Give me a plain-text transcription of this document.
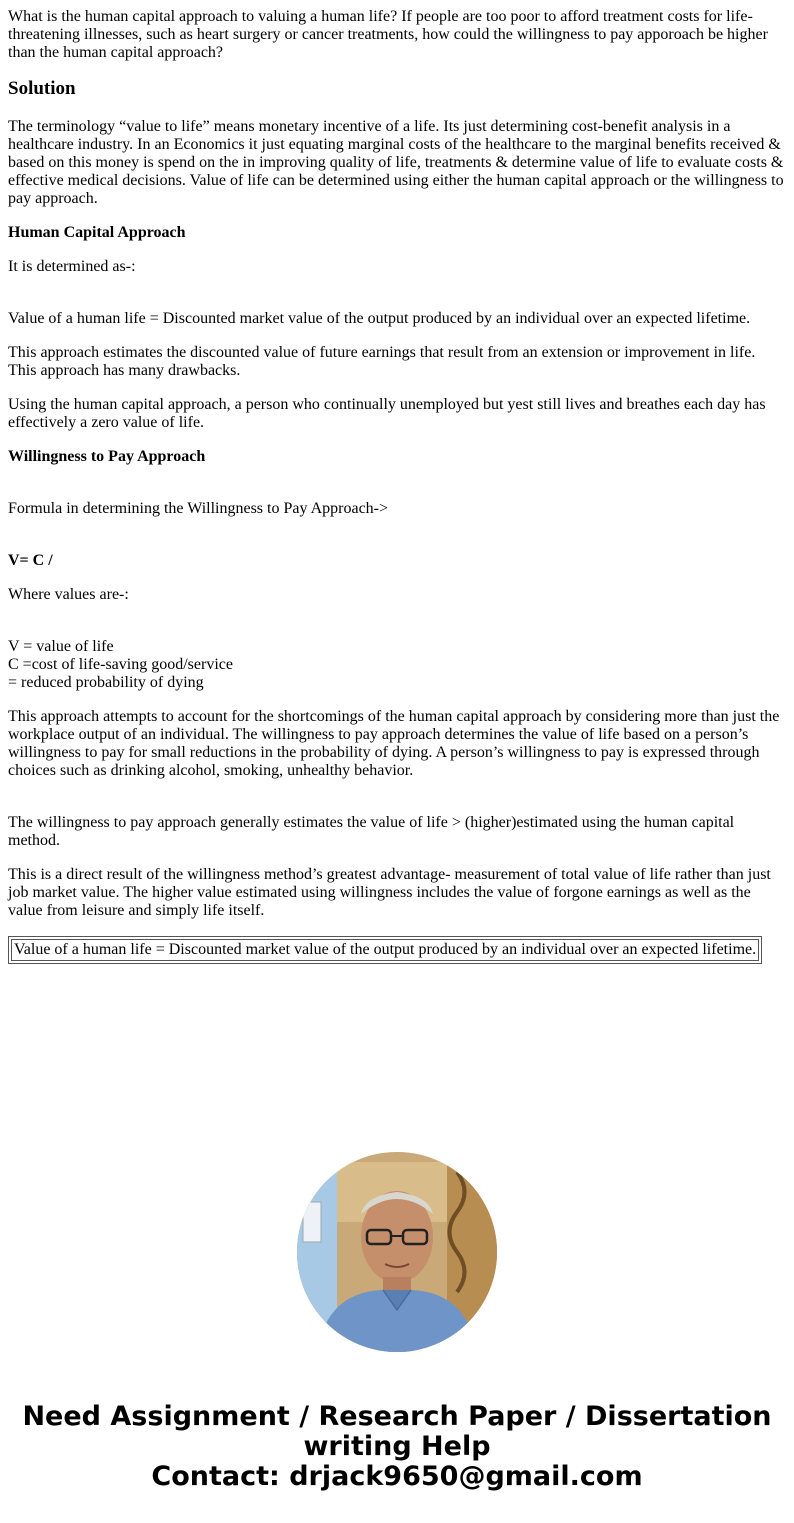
What is the human capital approach to valuing a human life? If people are too poor to afford treatment costs for life-threatening illnesses, such as heart surgery or cancer treatments, how could the willingness to pay apporoach be higher than the human capital approach?

Solution

The terminology “value to life” means monetary incentive of a life. Its just determining cost-benefit analysis in a healthcare industry. In an Economics it just equating marginal costs of the healthcare to the marginal benefits received & based on this money is spend on the in improving quality of life, treatments & determine value of life to evaluate costs & effective medical decisions. Value of life can be determined using either the human capital approach or the willingness to pay approach.

Human Capital Approach

It is determined as-:

Value of a human life = Discounted market value of the output produced by an individual over an expected lifetime.

This approach estimates the discounted value of future earnings that result from an extension or improvement in life. This approach has many drawbacks.

Using the human capital approach, a person who continually unemployed but yest still lives and breathes each day has effectively a zero value of life.

Willingness to Pay Approach

Formula in determining the Willingness to Pay Approach->

V= C /

Where values are-:

V = value of life
C =cost of life-saving good/service
= reduced probability of dying

This approach attempts to account for the shortcomings of the human capital approach by considering more than just the workplace output of an individual. The willingness to pay approach determines the value of life based on a person’s willingness to pay for small reductions in the probability of dying. A person’s willingness to pay is expressed through choices such as drinking alcohol, smoking, unhealthy behavior.

The willingness to pay approach generally estimates the value of life > (higher)estimated using the human capital method.

This is a direct result of the willingness method’s greatest advantage- measurement of total value of life rather than just job market value. The higher value estimated using willingness includes the value of forgone earnings as well as the value from leisure and simply life itself.

Value of a human life = Discounted market value of the output produced by an individual over an expected lifetime.
Need Assignment / Research Paper / Dissertation
writing Help
Contact: drjack9650@gmail.com
